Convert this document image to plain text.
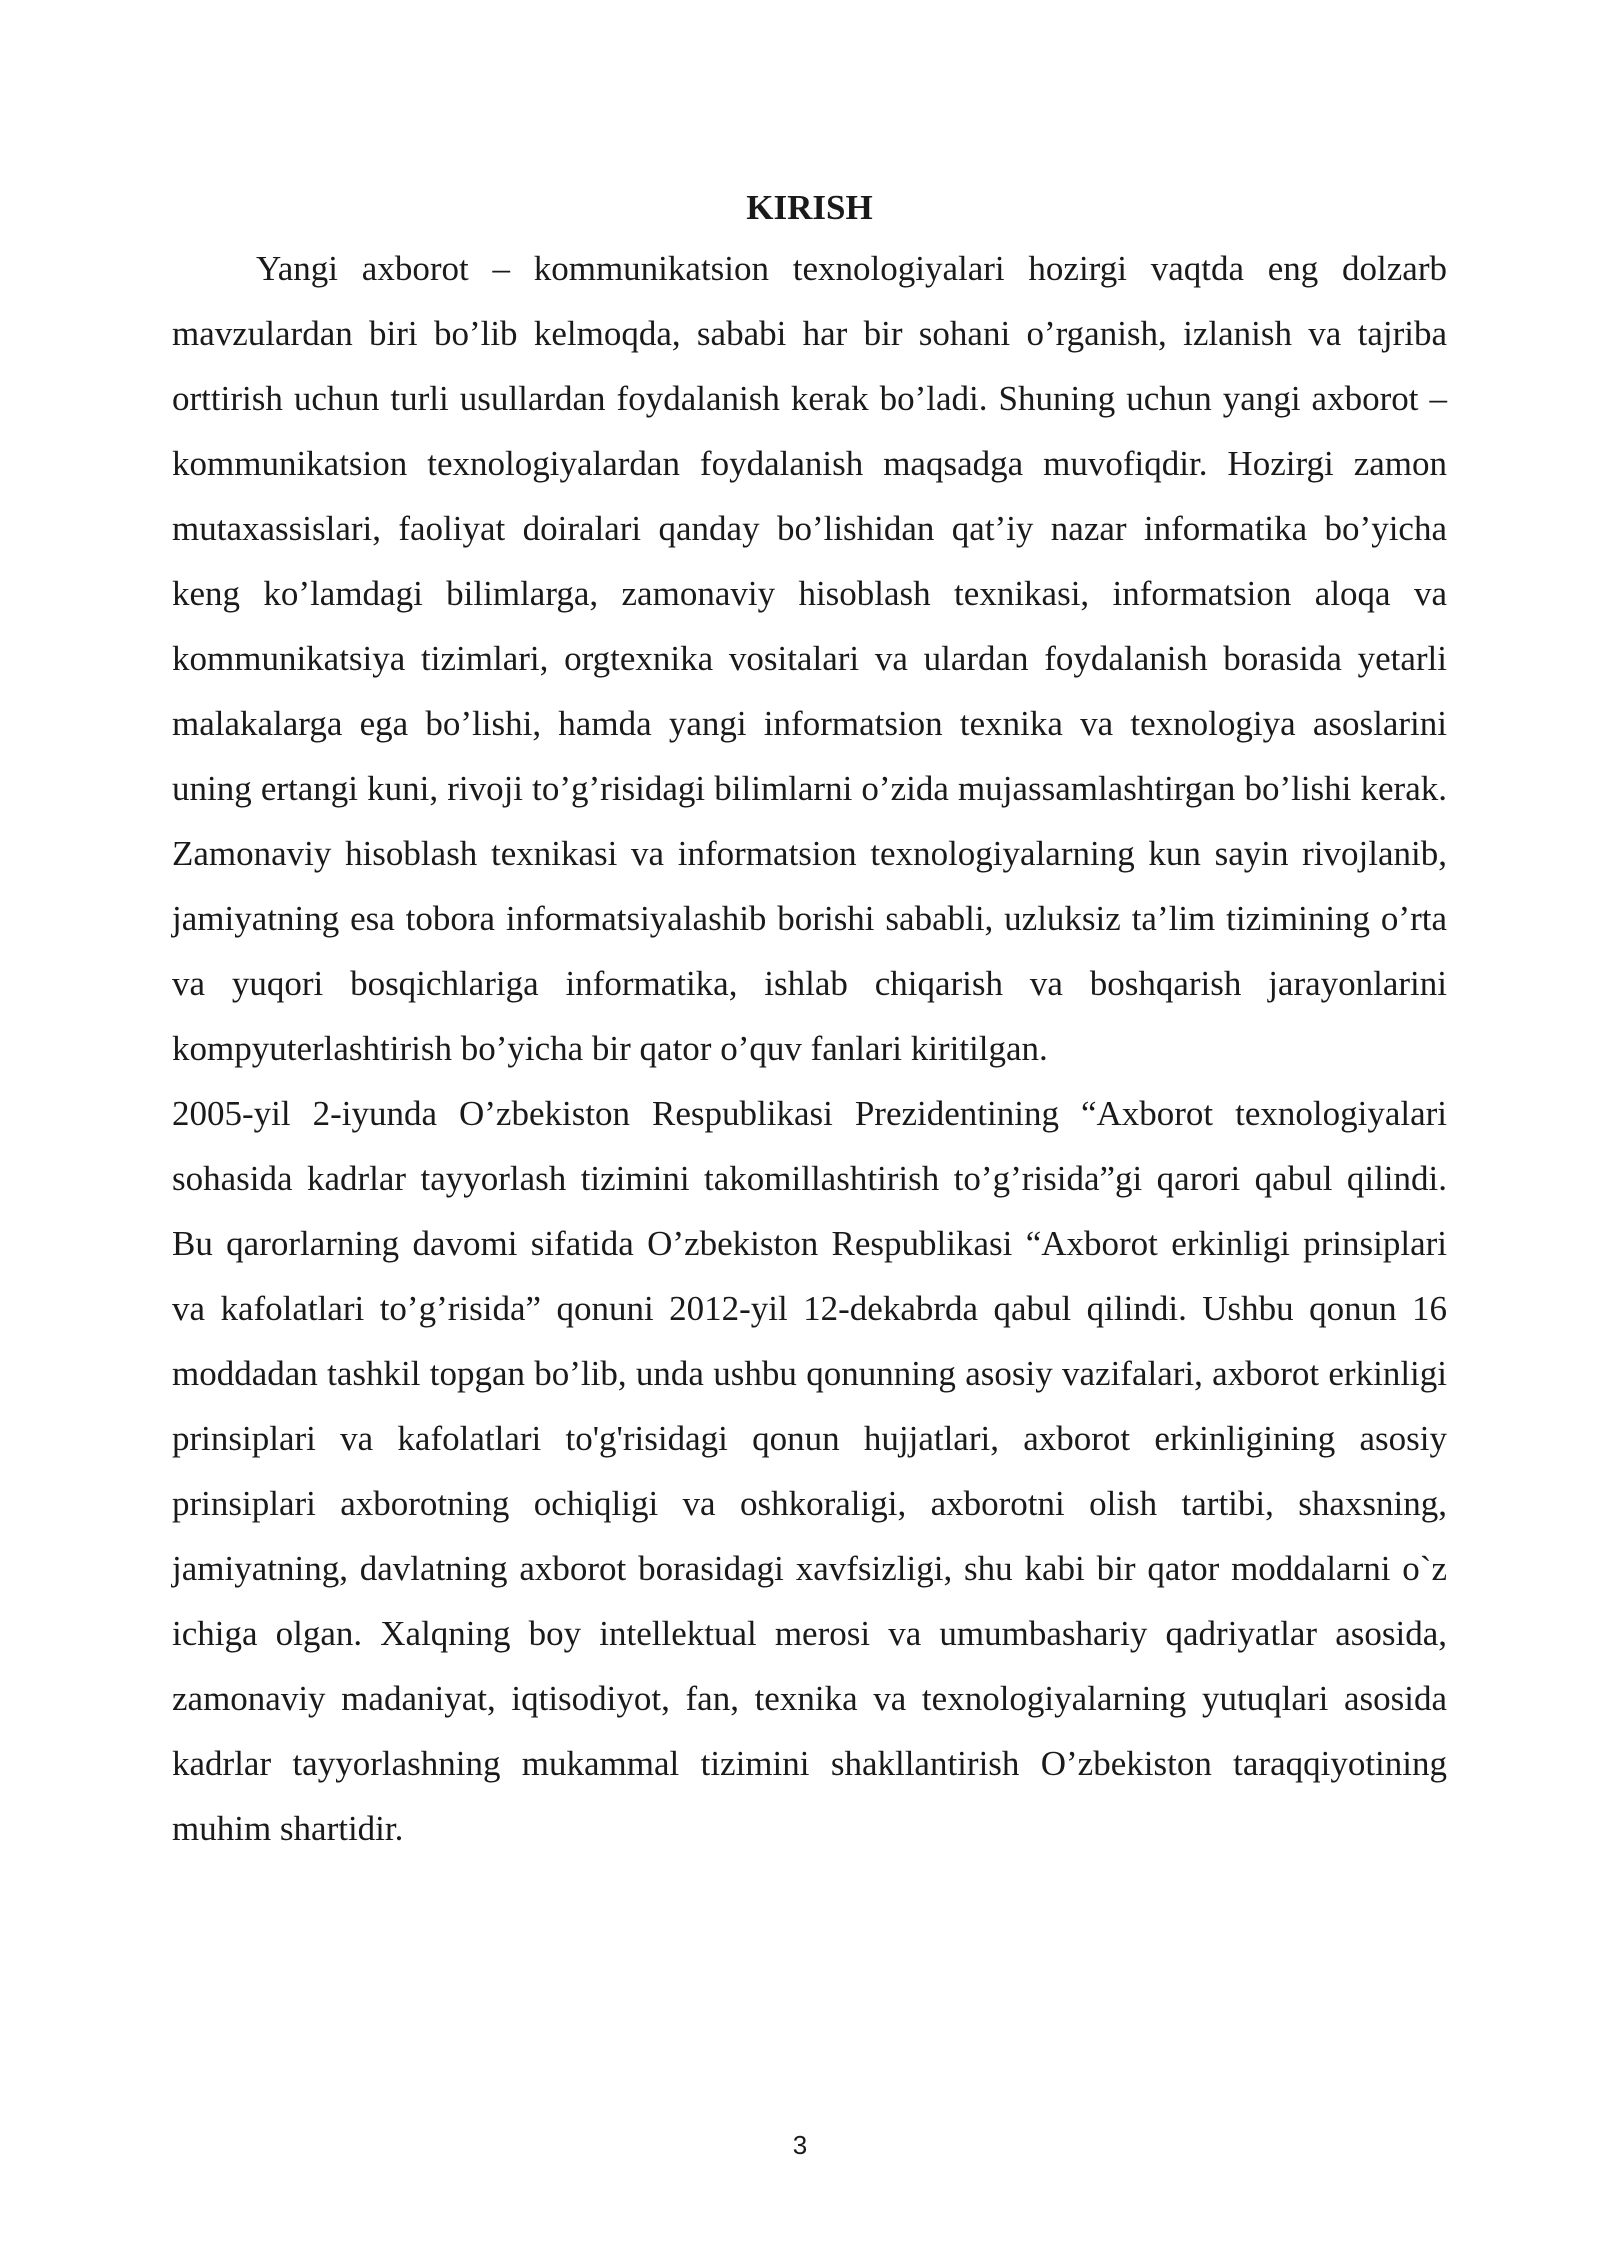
KIRISH

Yangi axborot – kommunikatsion texnologiyalari hozirgi vaqtda eng dolzarb mavzulardan biri bo’lib kelmoqda, sababi har bir sohani o’rganish, izlanish va tajriba orttirish uchun turli usullardan foydalanish kerak bo’ladi. Shuning uchun yangi axborot – kommunikatsion texnologiyalardan foydalanish maqsadga muvofiqdir. Hozirgi zamon mutaxassislari, faoliyat doiralari qanday bo’lishidan qat’iy nazar informatika bo’yicha keng ko’lamdagi bilimlarga, zamonaviy hisoblash texnikasi, informatsion aloqa va kommunikatsiya tizimlari, orgtexnika vositalari va ulardan foydalanish borasida yetarli malakalarga ega bo’lishi, hamda yangi informatsion texnika va texnologiya asoslarini uning ertangi kuni, rivoji to’g’risidagi bilimlarni o’zida mujassamlashtirgan bo’lishi kerak. Zamonaviy hisoblash texnikasi va informatsion texnologiyalarning kun sayin rivojlanib, jamiyatning esa tobora informatsiyalashib borishi sababli, uzluksiz ta’lim tizimining o’rta va yuqori bosqichlariga informatika, ishlab chiqarish va boshqarish jarayonlarini kompyuterlashtirish bo’yicha bir qator o’quv fanlari kiritilgan.

2005-yil 2-iyunda O’zbekiston Respublikasi Prezidentining “Axborot texnologiyalari sohasida kadrlar tayyorlash tizimini takomillashtirish to’g’risida”gi qarori qabul qilindi. Bu qarorlarning davomi sifatida O’zbekiston Respublikasi “Axborot erkinligi prinsiplari va kafolatlari to’g’risida” qonuni 2012-yil 12-dekabrda qabul qilindi. Ushbu qonun 16 moddadan tashkil topgan bo’lib, unda ushbu qonunning asosiy vazifalari, axborot erkinligi prinsiplari va kafolatlari to'g'risidagi qonun hujjatlari, axborot erkinligining asosiy prinsiplari axborotning ochiqligi va oshkoraligi, axborotni olish tartibi, shaxsning, jamiyatning, davlatning axborot borasidagi xavfsizligi, shu kabi bir qator moddalarni o`z ichiga olgan. Xalqning boy intellektual merosi va umumbashariy qadriyatlar asosida, zamonaviy madaniyat, iqtisodiyot, fan, texnika va texnologiyalarning yutuqlari asosida kadrlar tayyorlashning mukammal tizimini shakllantirish O’zbekiston taraqqiyotining muhim shartidir.

3
